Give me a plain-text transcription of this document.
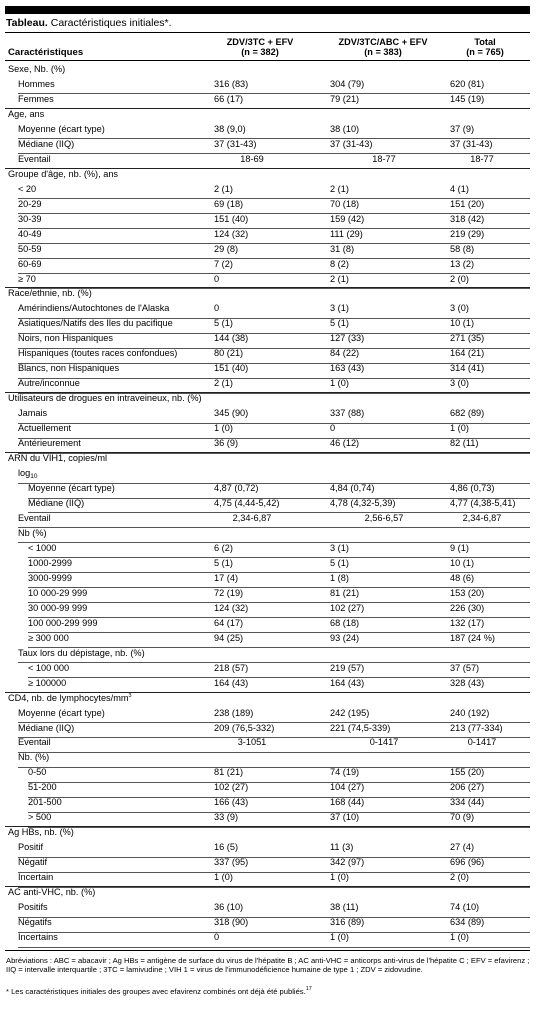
Tableau. Caractéristiques initiales*.
Caractéristiques
ZDV/3TC + EFV
(n = 382)
ZDV/3TC/ABC + EFV
(n = 383)
Total
(n = 765)
Sexe, Nb. (%)
Hommes	316 (83)	304 (79)	620 (81)
Femmes	66 (17)	79 (21)	145 (19)
Age, ans
Moyenne (écart type)	38 (9,0)	38 (10)	37 (9)
Médiane (IIQ)	37 (31-43)	37 (31-43)	37 (31-43)
Eventail	18-69	18-77	18-77
Groupe d'âge, nb. (%), ans
< 20	2 (1)	2 (1)	4 (1)
20-29	69 (18)	70 (18)	151 (20)
30-39	151 (40)	159 (42)	318 (42)
40-49	124 (32)	111 (29)	219 (29)
50-59	29 (8)	31 (8)	58 (8)
60-69	7 (2)	8 (2)	13 (2)
≥ 70	0	2 (1)	2 (0)
Race/ethnie, nb. (%)
Amérindiens/Autochtones de l'Alaska	0	3 (1)	3 (0)
Asiatiques/Natifs des Iles du pacifique	5 (1)	5 (1)	10 (1)
Noirs, non Hispaniques	144 (38)	127 (33)	271 (35)
Hispaniques (toutes races confondues)	80 (21)	84 (22)	164 (21)
Blancs, non Hispaniques	151 (40)	163 (43)	314 (41)
Autre/inconnue	2 (1)	1 (0)	3 (0)
Utilisateurs de drogues en intraveineux, nb. (%)
Jamais	345 (90)	337 (88)	682 (89)
Actuellement	1 (0)	0	1 (0)
Antérieurement	36 (9)	46 (12)	82 (11)
ARN du VIH1, copies/ml
$\log_{10}$
Moyenne (écart type)	4,87 (0,72)	4,84 (0,74)	4,86 (0,73)
Médiane (IIQ)	4,75 (4,44-5,42)	4,78 (4,32-5,39)	4,77 (4,38-5,41)
Eventail	2,34-6,87	2,56-6,57	2,34-6,87
Nb (%)
< 1000	6 (2)	3 (1)	9 (1)
1000-2999	5 (1)	5 (1)	10 (1)
3000-9999	17 (4)	1 (8)	48 (6)
10 000-29 999	72 (19)	81 (21)	153 (20)
30 000-99 999	124 (32)	102 (27)	226 (30)
100 000-299 999	64 (17)	68 (18)	132 (17)
≥ 300 000	94 (25)	93 (24)	187 (24 %)
Taux lors du dépistage, nb. (%)
< 100 000	218 (57)	219 (57)	37 (57)
≥ 100000	164 (43)	164 (43)	328 (43)
CD4, nb. de lymphocytes/$mm^3$
Moyenne (écart type)	238 (189)	242 (195)	240 (192)
Médiane (IIQ)	209 (76,5-332)	221 (74,5-339)	213 (77-334)
Eventail	3-1051	0-1417	0-1417
Nb. (%)
0-50	81 (21)	74 (19)	155 (20)
51-200	102 (27)	104 (27)	206 (27)
201-500	166 (43)	168 (44)	334 (44)
> 500	33 (9)	37 (10)	70 (9)
Ag HBs, nb. (%)
Positif	16 (5)	11 (3)	27 (4)
Négatif	337 (95)	342 (97)	696 (96)
Incertain	1 (0)	1 (0)	2 (0)
AC anti-VHC, nb. (%)
Positifs	36 (10)	38 (11)	74 (10)
Négatifs	318 (90)	316 (89)	634 (89)
Incertains	0	1 (0)	1 (0)
Abréviations : ABC = abacavir ; Ag HBs = antigène de surface du virus de l'hépatite B ; AC anti-VHC = anticorps anti-virus de l'hépatite C ; EFV = efavirenz ; IIQ = intervalle interquartile ; 3TC = lamivudine ; VIH 1 = virus de l'immunodéficience humaine de type 1 ; ZDV = zidovudine.
* Les caractéristiques initiales des groupes avec efavirenz combinés ont déjà été publiés.$^{17}$
